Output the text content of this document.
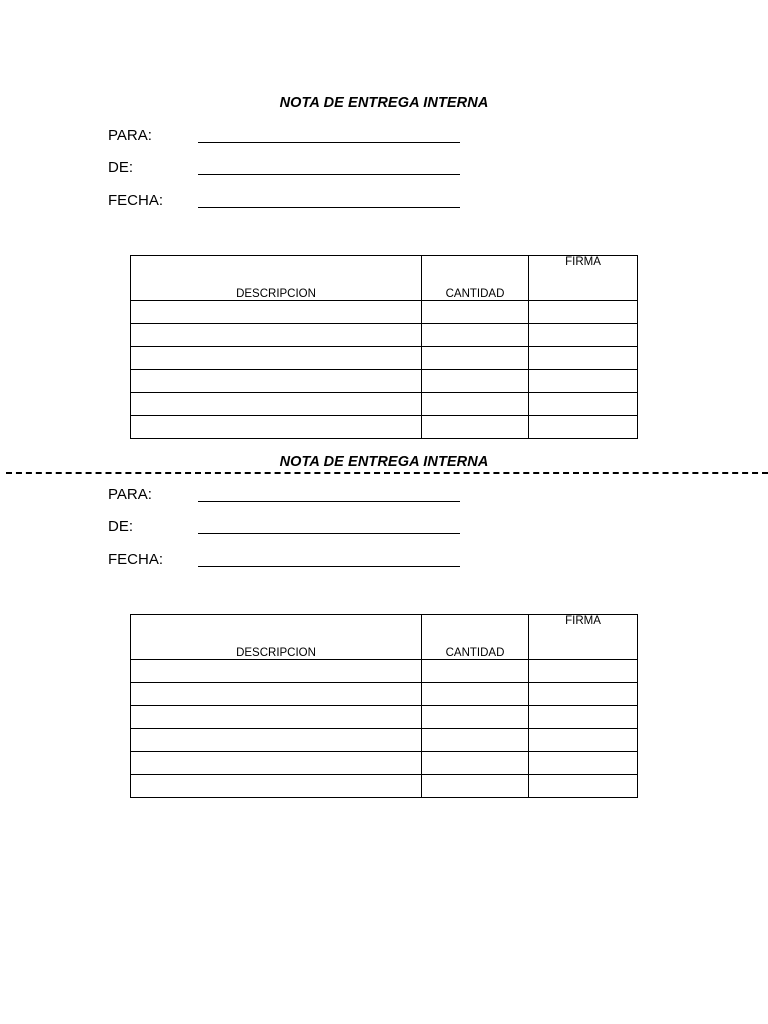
NOTA DE ENTREGA INTERNA
PARA:
DE:
FECHA:
DESCRIPCION	CANTIDAD	FIRMA

NOTA DE ENTREGA INTERNA
PARA:
DE:
FECHA:
DESCRIPCION	CANTIDAD	FIRMA
